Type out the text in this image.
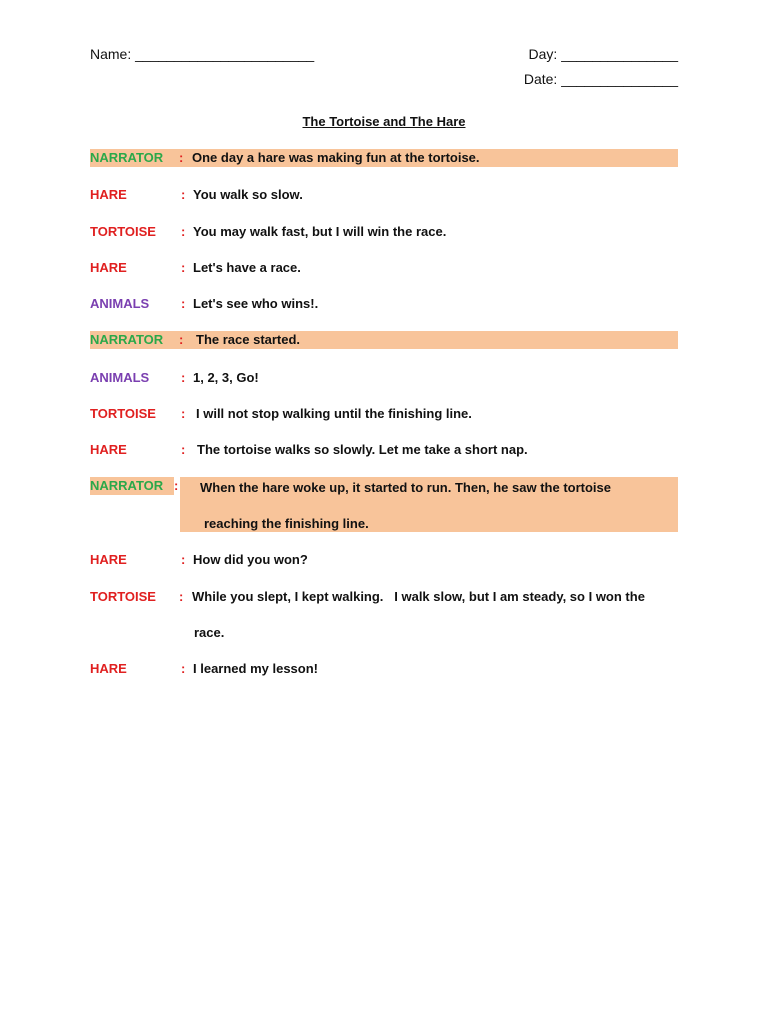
Name: _______________________	Day: _______________
Date: _______________
The Tortoise and The Hare
NARRATOR : One day a hare was making fun at the tortoise.
HARE	: You walk so slow.
TORTOISE : You may walk fast, but I will win the race.
HARE	: Let's have a race.
ANIMALS : Let's see who wins!.
NARRATOR : The race started.
ANIMALS : 1, 2, 3, Go!
TORTOISE : I will not stop walking until the finishing line.
HARE	: The tortoise walks so slowly. Let me take a short nap.
NARRATOR : When the hare woke up, it started to run. Then, he saw the tortoise
reaching the finishing line.
HARE	: How did you won?
TORTOISE : While you slept, I kept walking.   I walk slow, but I am steady, so I won the
race.
HARE	: I learned my lesson!
